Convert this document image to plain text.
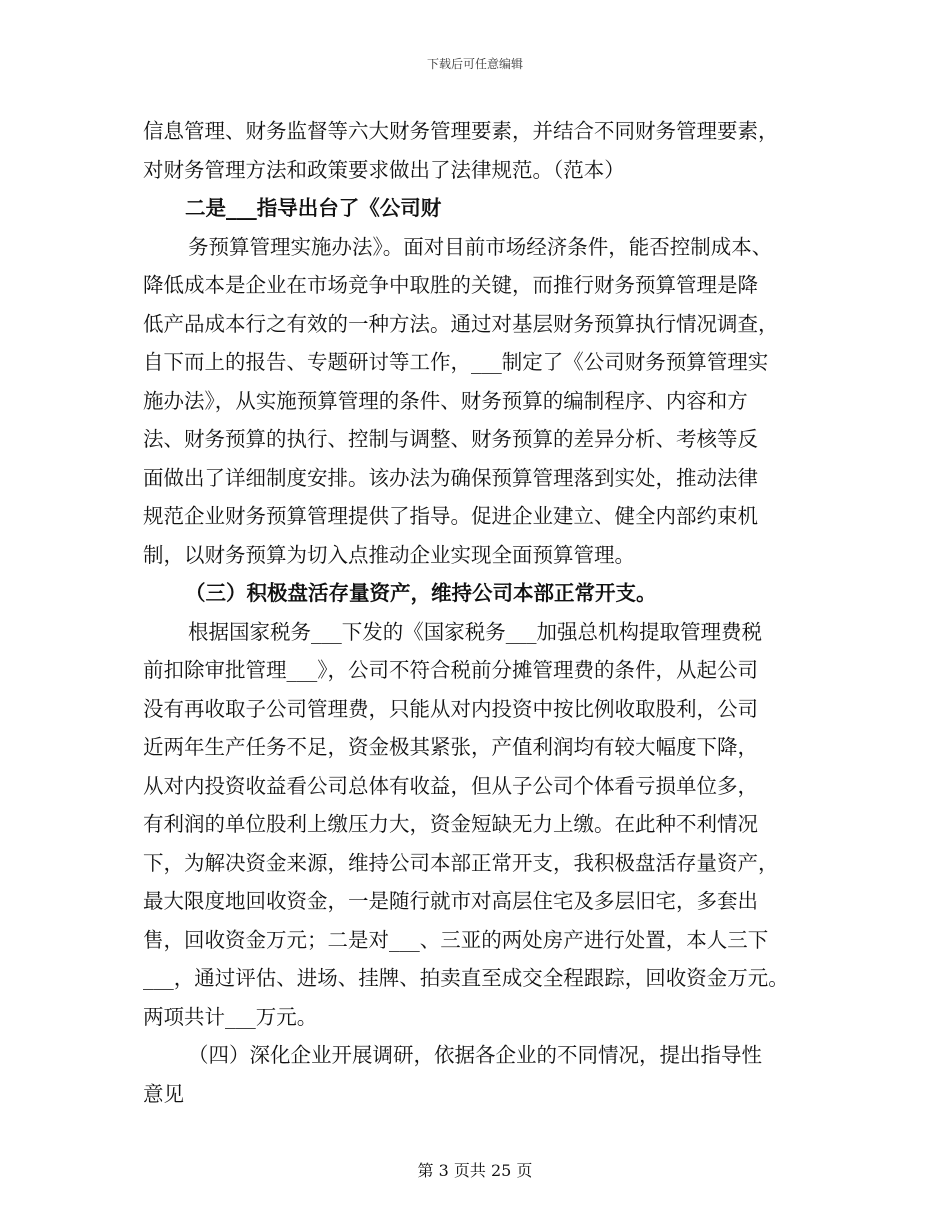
下载后可任意编辑
信息管理、财务监督等六大财务管理要素，并结合不同财务管理要素，
对财务管理方法和政策要求做出了法律规范。（范本）
二是___指导出台了《公司财
务预算管理实施办法》。面对目前市场经济条件，能否控制成本、
降低成本是企业在市场竞争中取胜的关键，而推行财务预算管理是降
低产品成本行之有效的一种方法。通过对基层财务预算执行情况调查，
自下而上的报告、专题研讨等工作，___制定了《公司财务预算管理实
施办法》，从实施预算管理的条件、财务预算的编制程序、内容和方
法、财务预算的执行、控制与调整、财务预算的差异分析、考核等反
面做出了详细制度安排。该办法为确保预算管理落到实处，推动法律
规范企业财务预算管理提供了指导。促进企业建立、健全内部约束机
制，以财务预算为切入点推动企业实现全面预算管理。
（三）积极盘活存量资产，维持公司本部正常开支。
根据国家税务___下发的《国家税务___加强总机构提取管理费税
前扣除审批管理___》，公司不符合税前分摊管理费的条件，从起公司
没有再收取子公司管理费，只能从对内投资中按比例收取股利，公司
近两年生产任务不足，资金极其紧张，产值利润均有较大幅度下降，
从对内投资收益看公司总体有收益，但从子公司个体看亏损单位多，
有利润的单位股利上缴压力大，资金短缺无力上缴。在此种不利情况
下，为解决资金来源，维持公司本部正常开支，我积极盘活存量资产，
最大限度地回收资金，一是随行就市对高层住宅及多层旧宅，多套出
售，回收资金万元；二是对___、三亚的两处房产进行处置，本人三下
___，通过评估、进场、挂牌、拍卖直至成交全程跟踪，回收资金万元。
两项共计___万元。
（四）深化企业开展调研，依据各企业的不同情况，提出指导性
意见
第 3 页共 25 页
